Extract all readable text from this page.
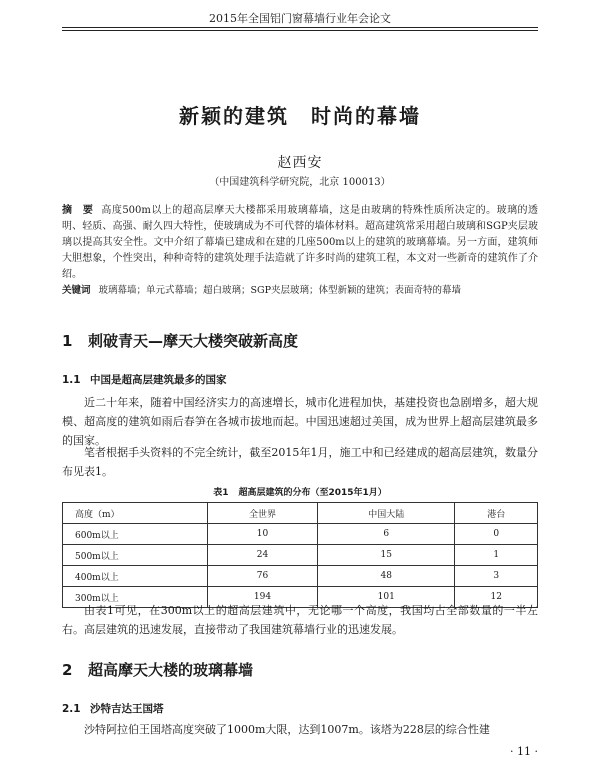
2015年全国铝门窗幕墙行业年会论文
新颖的建筑 时尚的幕墙
赵西安
（中国建筑科学研究院，北京 100013）

摘　要 高度500m以上的超高层摩天大楼都采用玻璃幕墙，这是由玻璃的特殊性质所决定的。玻璃的透明、轻质、高强、耐久四大特性，使玻璃成为不可代替的墙体材料。超高建筑常采用超白玻璃和SGP夹层玻璃以提高其安全性。文中介绍了幕墙已建成和在建的几座500m以上的建筑的玻璃幕墙。另一方面，建筑师大胆想象，个性突出，种种奇特的建筑处理手法造就了许多时尚的建筑工程，本文对一些新奇的建筑作了介绍。

关键词 玻璃幕墙；单元式幕墙；超白玻璃；SGP夹层玻璃；体型新颖的建筑；表面奇特的幕墙

1 刺破青天—摩天大楼突破新高度
1.1 中国是超高层建筑最多的国家

近二十年来，随着中国经济实力的高速增长，城市化进程加快，基建投资也急剧增多，超大规模、超高度的建筑如雨后春笋在各城市拔地而起。中国迅速超过美国，成为世界上超高层建筑最多的国家。

笔者根据手头资料的不完全统计，截至2015年1月，施工中和已经建成的超高层建筑，数量分布见表1。

表1 超高层建筑的分布（至2015年1月）
高度（m）	全世界	中国大陆	港台
600m以上	10	6	0
500m以上	24	15	1
400m以上	76	48	3
300m以上	194	101	12

由表1可见，在300m以上的超高层建筑中，无论哪一个高度，我国均占全部数量的一半左右。高层建筑的迅速发展，直接带动了我国建筑幕墙行业的迅速发展。

2 超高摩天大楼的玻璃幕墙
2.1 沙特吉达王国塔

沙特阿拉伯王国塔高度突破了1000m大限，达到1007m。该塔为228层的综合性建

· 11 ·
